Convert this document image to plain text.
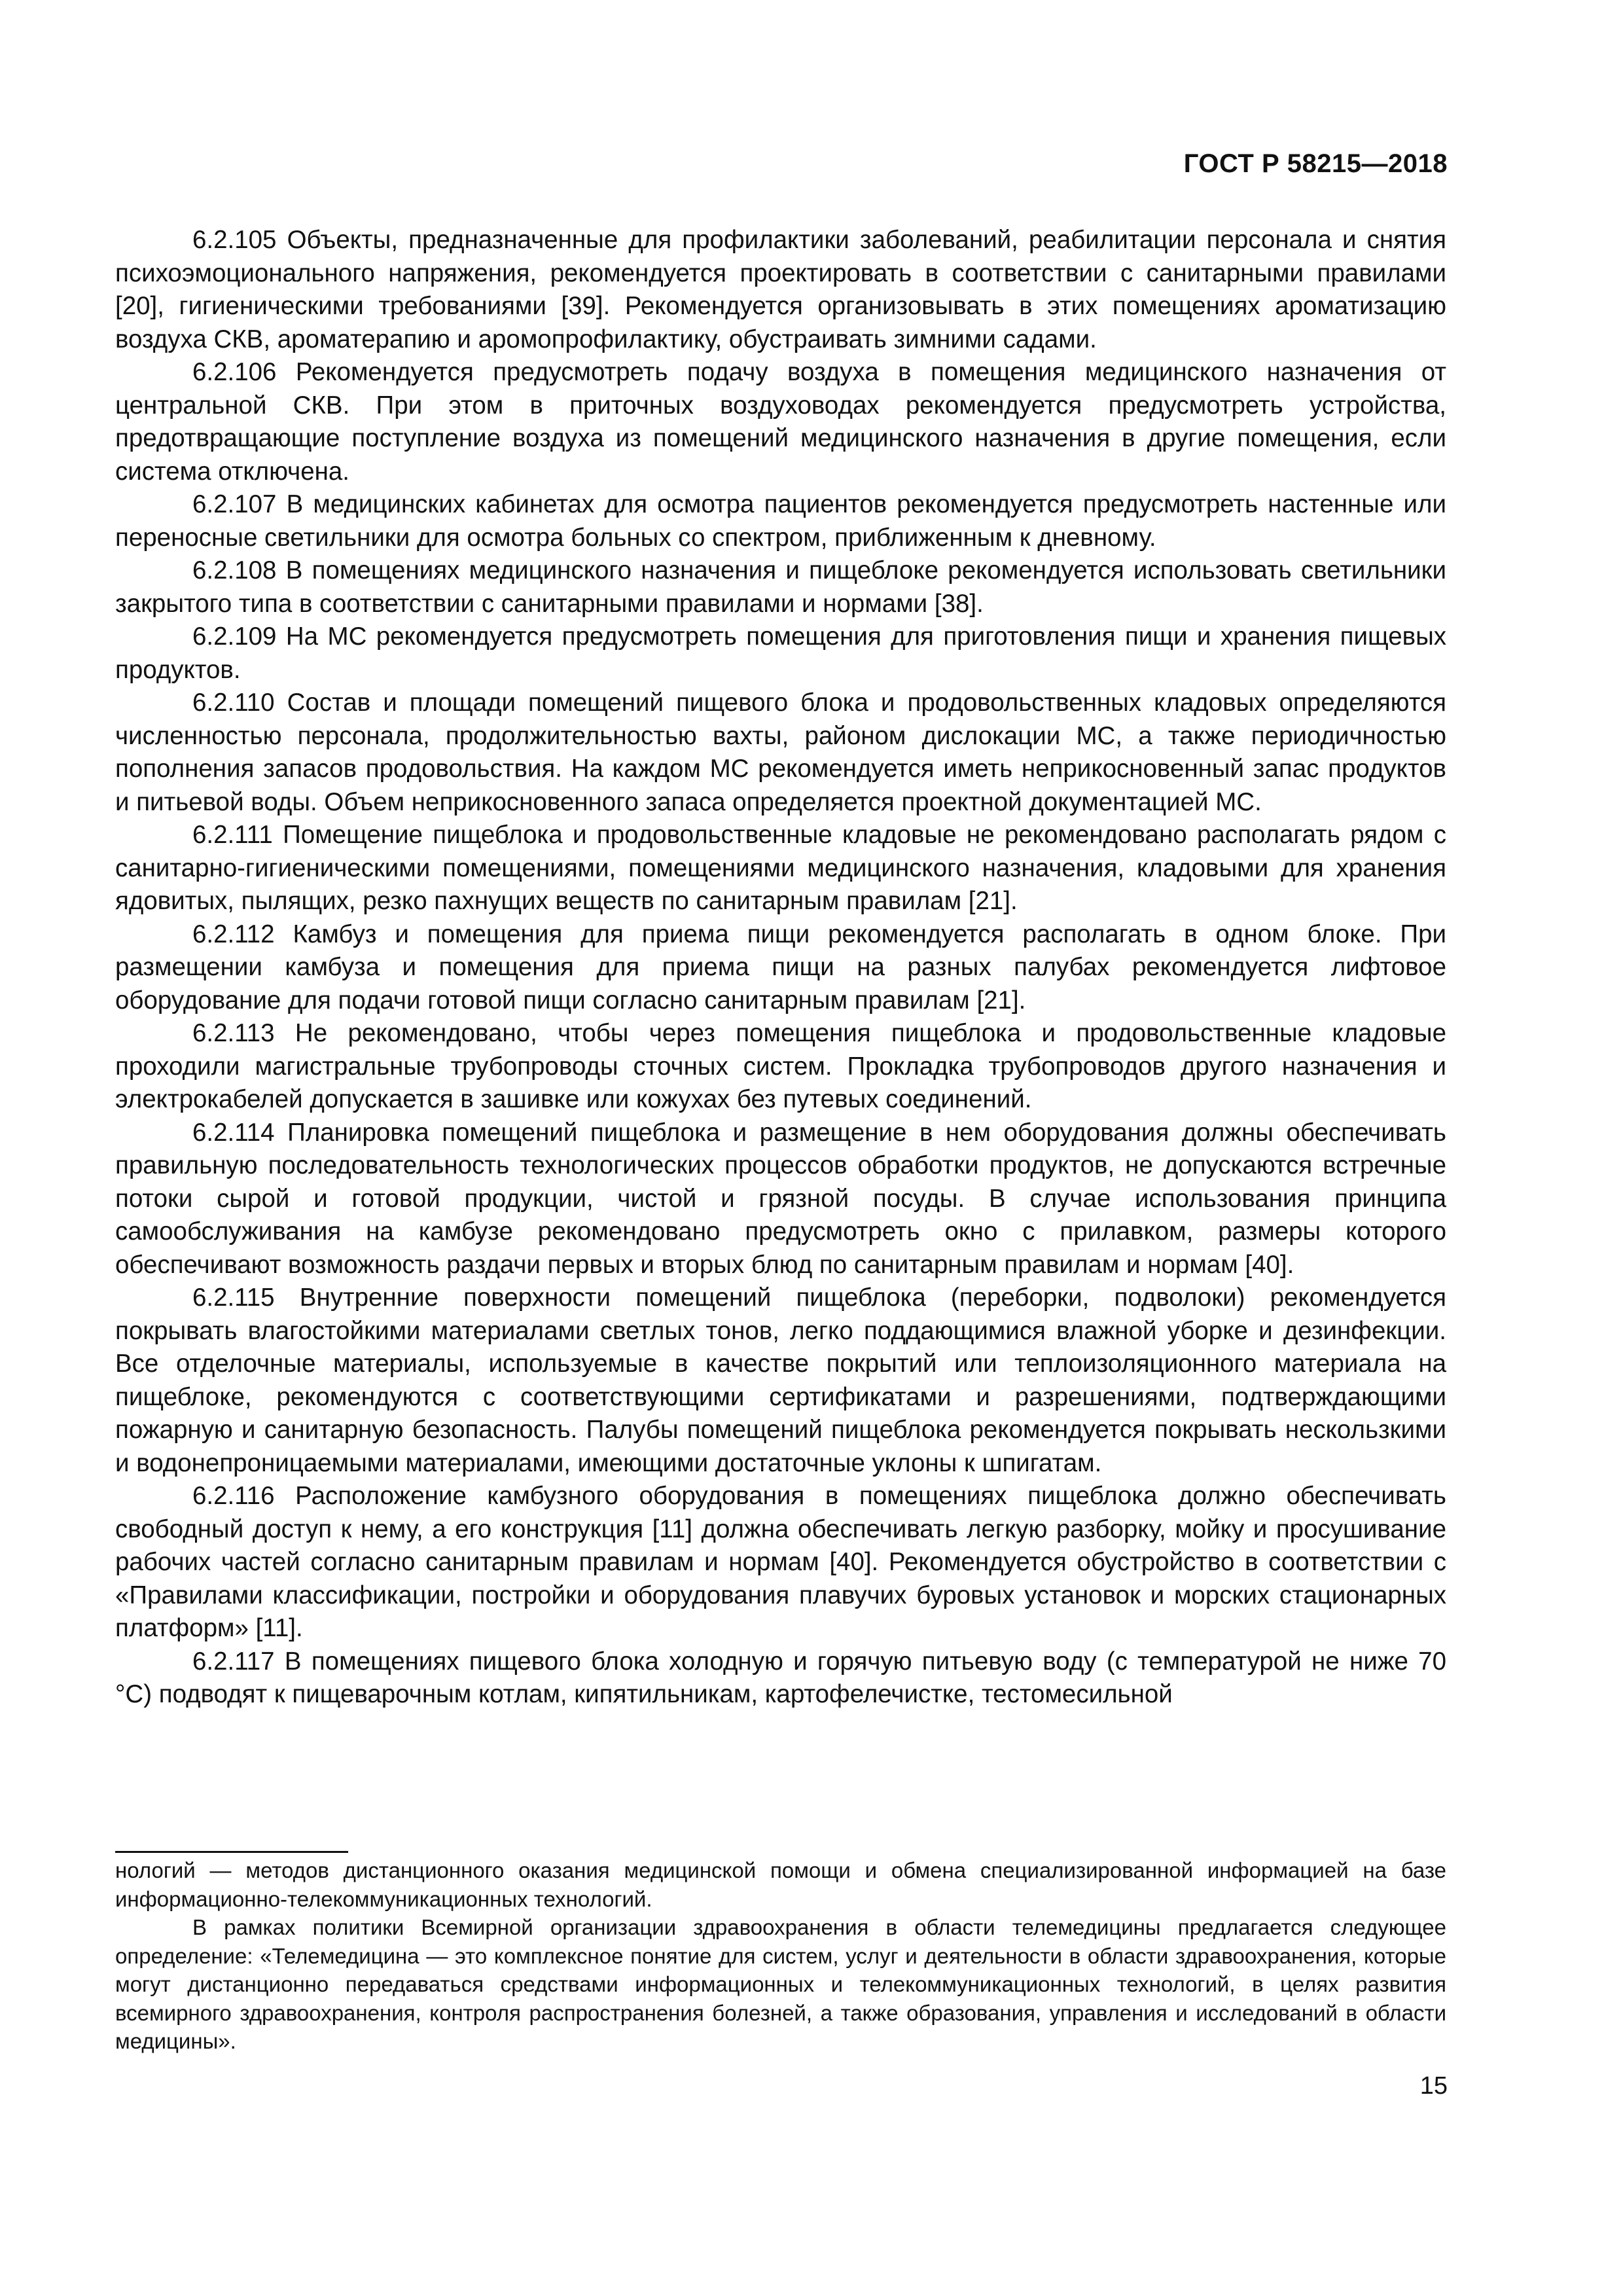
ГОСТ Р 58215—2018

6.2.105 Объекты, предназначенные для профилактики заболеваний, реабилитации персонала и снятия психоэмоционального напряжения, рекомендуется проектировать в соответствии с санитарными правилами [20], гигиеническими требованиями [39]. Рекомендуется организовывать в этих помещениях ароматизацию воздуха СКВ, ароматерапию и аромопрофилактику, обустраивать зимними садами.

6.2.106 Рекомендуется предусмотреть подачу воздуха в помещения медицинского назначения от центральной СКВ. При этом в приточных воздуховодах рекомендуется предусмотреть устройства, предотвращающие поступление воздуха из помещений медицинского назначения в другие помещения, если система отключена.

6.2.107 В медицинских кабинетах для осмотра пациентов рекомендуется предусмотреть настенные или переносные светильники для осмотра больных со спектром, приближенным к дневному.

6.2.108 В помещениях медицинского назначения и пищеблоке рекомендуется использовать светильники закрытого типа в соответствии с санитарными правилами и нормами [38].

6.2.109 На МС рекомендуется предусмотреть помещения для приготовления пищи и хранения пищевых продуктов.

6.2.110 Состав и площади помещений пищевого блока и продовольственных кладовых определяются численностью персонала, продолжительностью вахты, районом дислокации МС, а также периодичностью пополнения запасов продовольствия. На каждом МС рекомендуется иметь неприкосновенный запас продуктов и питьевой воды. Объем неприкосновенного запаса определяется проектной документацией МС.

6.2.111 Помещение пищеблока и продовольственные кладовые не рекомендовано располагать рядом с санитарно-гигиеническими помещениями, помещениями медицинского назначения, кладовыми для хранения ядовитых, пылящих, резко пахнущих веществ по санитарным правилам [21].

6.2.112 Камбуз и помещения для приема пищи рекомендуется располагать в одном блоке. При размещении камбуза и помещения для приема пищи на разных палубах рекомендуется лифтовое оборудование для подачи готовой пищи согласно санитарным правилам [21].

6.2.113 Не рекомендовано, чтобы через помещения пищеблока и продовольственные кладовые проходили магистральные трубопроводы сточных систем. Прокладка трубопроводов другого назначения и электрокабелей допускается в зашивке или кожухах без путевых соединений.

6.2.114 Планировка помещений пищеблока и размещение в нем оборудования должны обеспечивать правильную последовательность технологических процессов обработки продуктов, не допускаются встречные потоки сырой и готовой продукции, чистой и грязной посуды. В случае использования принципа самообслуживания на камбузе рекомендовано предусмотреть окно с прилавком, размеры которого обеспечивают возможность раздачи первых и вторых блюд по санитарным правилам и нормам [40].

6.2.115 Внутренние поверхности помещений пищеблока (переборки, подволоки) рекомендуется покрывать влагостойкими материалами светлых тонов, легко поддающимися влажной уборке и дезинфекции. Все отделочные материалы, используемые в качестве покрытий или теплоизоляционного материала на пищеблоке, рекомендуются с соответствующими сертификатами и разрешениями, подтверждающими пожарную и санитарную безопасность. Палубы помещений пищеблока рекомендуется покрывать нескользкими и водонепроницаемыми материалами, имеющими достаточные уклоны к шпигатам.

6.2.116 Расположение камбузного оборудования в помещениях пищеблока должно обеспечивать свободный доступ к нему, а его конструкция [11] должна обеспечивать легкую разборку, мойку и просушивание рабочих частей согласно санитарным правилам и нормам [40]. Рекомендуется обустройство в соответствии с «Правилами классификации, постройки и оборудования плавучих буровых установок и морских стационарных платформ» [11].

6.2.117 В помещениях пищевого блока холодную и горячую питьевую воду (с температурой не ниже 70 °С) подводят к пищеварочным котлам, кипятильникам, картофелечистке, тестомесильной

нологий — методов дистанционного оказания медицинской помощи и обмена специализированной информацией на базе информационно-телекоммуникационных технологий.

В рамках политики Всемирной организации здравоохранения в области телемедицины предлагается следующее определение: «Телемедицина — это комплексное понятие для систем, услуг и деятельности в области здравоохранения, которые могут дистанционно передаваться средствами информационных и телекоммуникационных технологий, в целях развития всемирного здравоохранения, контроля распространения болезней, а также образования, управления и исследований в области медицины».

15
